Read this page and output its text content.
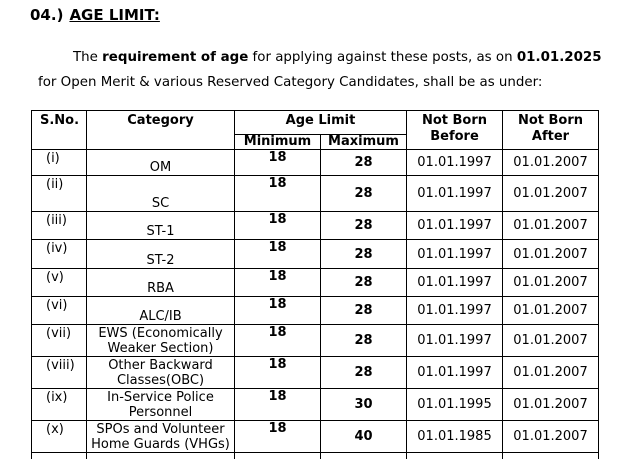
04.) AGE LIMIT:
The requirement of age for applying against these posts, as on 01.01.2025 for Open Merit & various Reserved Category Candidates, shall be as under:
S.No.	Category	Age Limit		Not Born Before	Not Born After
		Minimum	Maximum		
(i)	OM	18	28	01.01.1997	01.01.2007
(ii)	SC	18	28	01.01.1997	01.01.2007
(iii)	ST-1	18	28	01.01.1997	01.01.2007
(iv)	ST-2	18	28	01.01.1997	01.01.2007
(v)	RBA	18	28	01.01.1997	01.01.2007
(vi)	ALC/IB	18	28	01.01.1997	01.01.2007
(vii)	EWS (Economically Weaker Section)	18	28	01.01.1997	01.01.2007
(viii)	Other Backward Classes(OBC)	18	28	01.01.1997	01.01.2007
(ix)	In-Service Police Personnel	18	30	01.01.1995	01.01.2007
(x)	SPOs and Volunteer Home Guards (VHGs)	18	40	01.01.1985	01.01.2007
